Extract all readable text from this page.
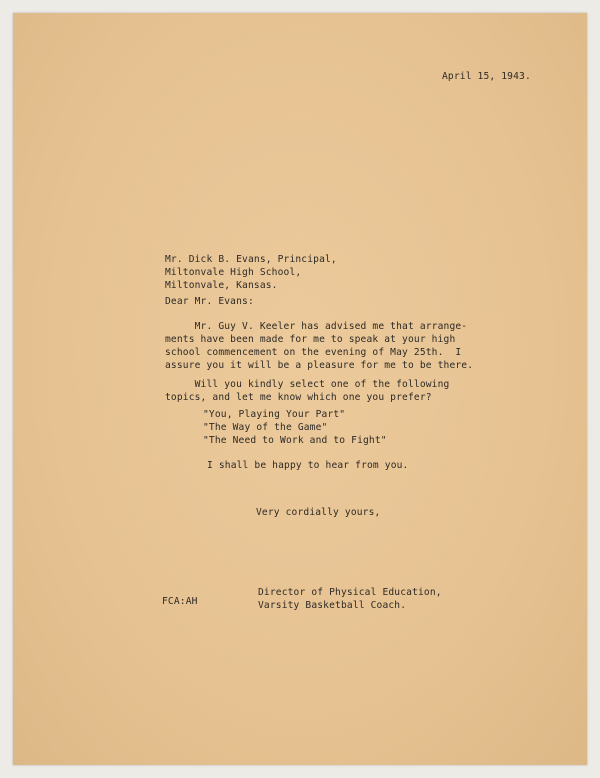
April 15, 1943.
Mr. Dick B. Evans, Principal,
Miltonvale High School,
Miltonvale, Kansas.
Dear Mr. Evans:
Mr. Guy V. Keeler has advised me that arrange-
ments have been made for me to speak at your high
school commencement on the evening of May 25th.  I
assure you it will be a pleasure for me to be there.
Will you kindly select one of the following
topics, and let me know which one you prefer?
"You, Playing Your Part"
"The Way of the Game"
"The Need to Work and to Fight"
I shall be happy to hear from you.
Very cordially yours,
Director of Physical Education,
Varsity Basketball Coach.
FCA:AH
